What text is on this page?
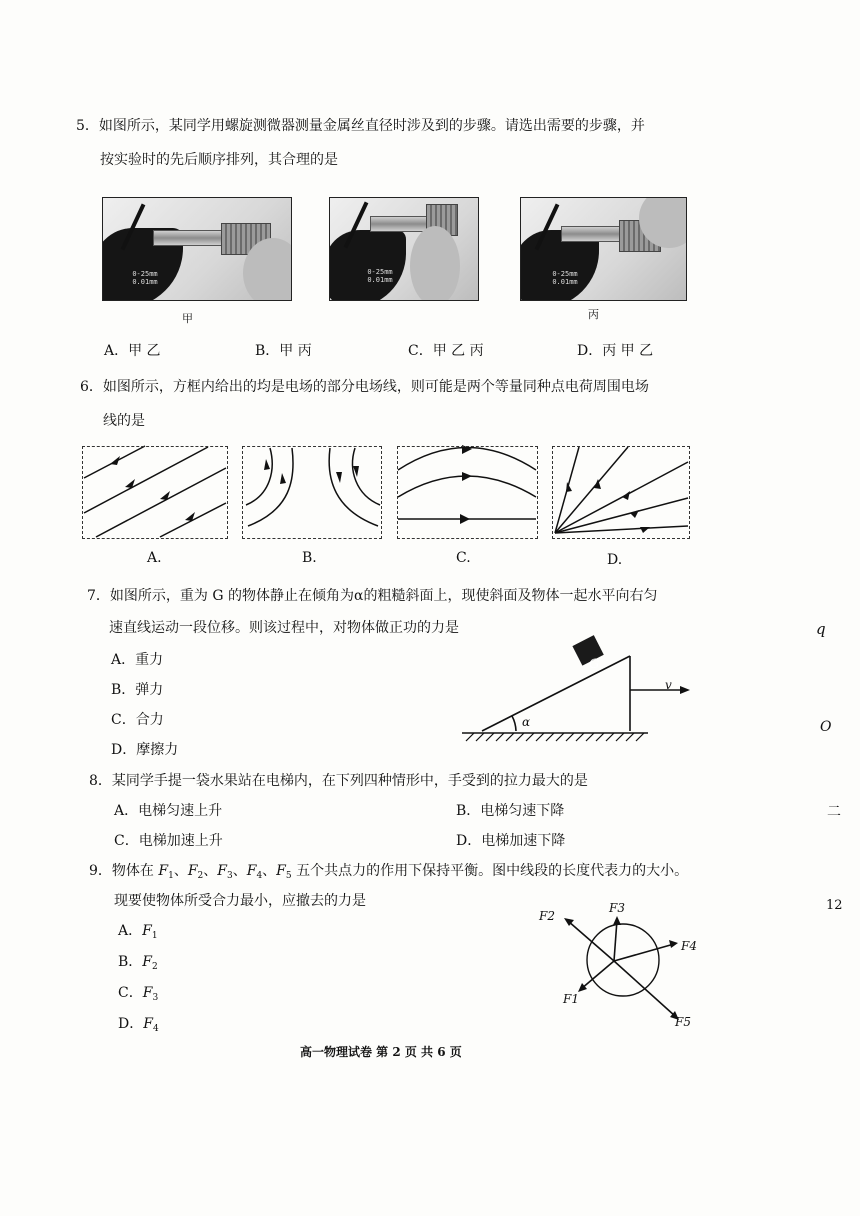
5．如图所示，某同学用螺旋测微器测量金属丝直径时涉及到的步骤。请选出需要的步骤，并
按实验时的先后顺序排列，其合理的是
0-25mm 0.01mm
0-25mm 0.01mm
0-25mm 0.01mm
甲	丙
A．甲 乙	B．甲 丙	C．甲 乙 丙	D．丙 甲 乙
6．如图所示，方框内给出的均是电场的部分电场线，则可能是两个等量同种点电荷周围电场
线的是
A.	B.	C.	D.
7．如图所示，重为 G 的物体静止在倾角为α的粗糙斜面上，现使斜面及物体一起水平向右匀
速直线运动一段位移。则该过程中，对物体做正功的力是
A．重力
B．弹力
C．合力
D．摩擦力
G
v
α
8．某同学手提一袋水果站在电梯内，在下列四种情形中，手受到的拉力最大的是
A．电梯匀速上升	B．电梯匀速下降
C．电梯加速上升	D．电梯加速下降
9．物体在 $F_1$、$F_2$、$F_3$、$F_4$、$F_5$ 五个共点力的作用下保持平衡。图中线段的长度代表力的大小。
现要使物体所受合力最小，应撤去的力是
A．$F_1$
B．$F_2$
C．$F_3$
D．$F_4$
F2
F3
F4
F1
F5
高一物理试卷 第 2 页 共 6 页
q
O
二
12
